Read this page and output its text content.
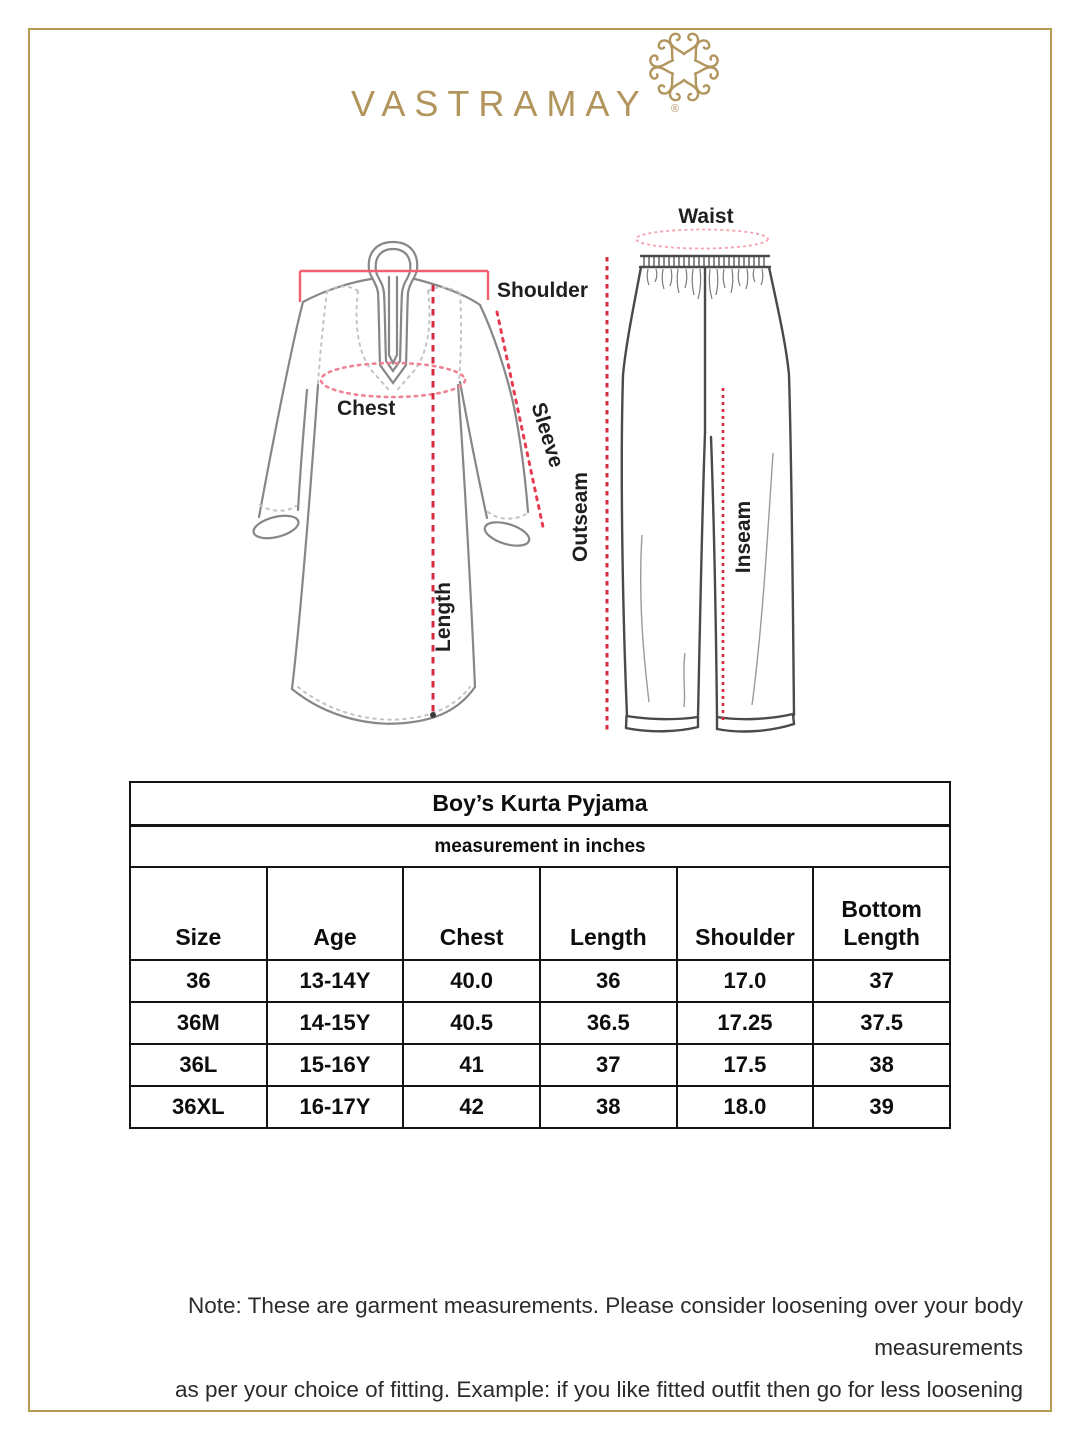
VASTRAMAY ®
Shoulder
Chest	Sleeve
Length
Waist
Outseam	Inseam
Boy’s Kurta Pyjama					
measurement in inches					
Size	Age	Chest	Length	Shoulder	Bottom Length
36	13-14Y	40.0	36	17.0	37
36M	14-15Y	40.5	36.5	17.25	37.5
36L	15-16Y	41	37	17.5	38
36XL	16-17Y	42	38	18.0	39
Note: These are garment measurements. Please consider loosening over your body measurements
as per your choice of fitting. Example: if you like fitted outfit then go for less loosening
